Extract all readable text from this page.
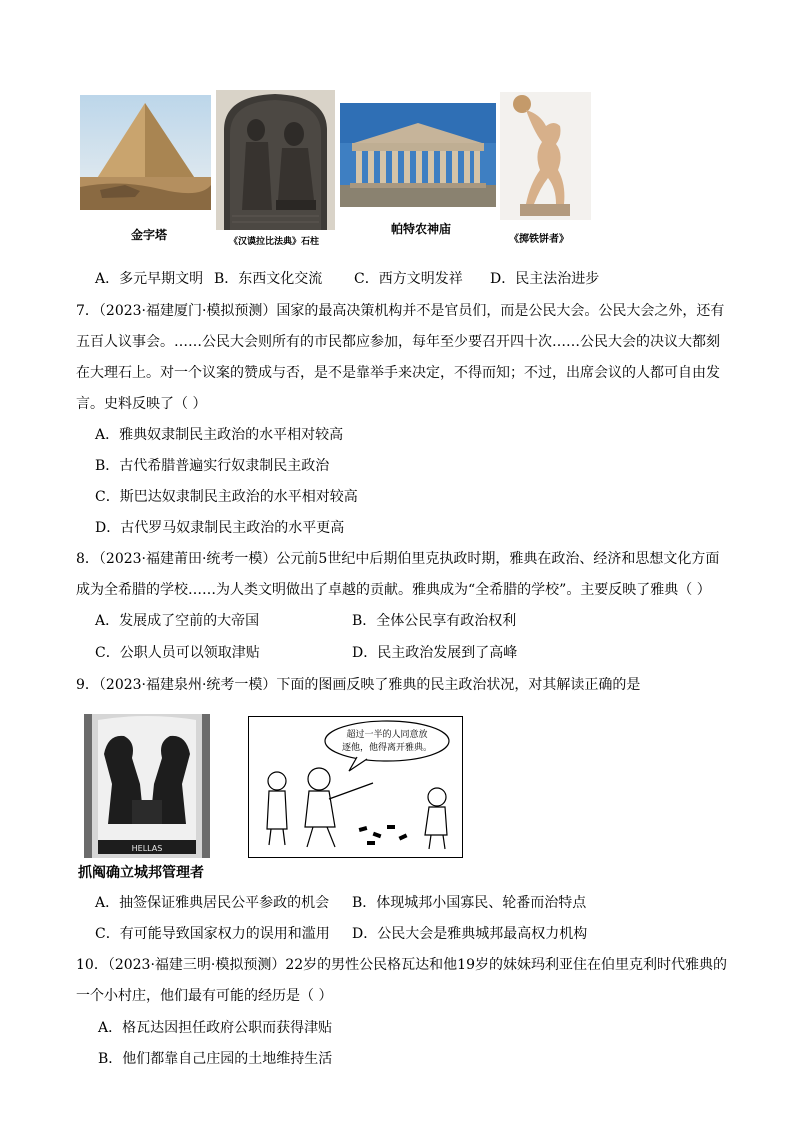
金字塔	《汉谟拉比法典》石柱
帕特农神庙
《掷铁饼者》
A．多元早期文明 B．东西文化交流 C．西方文明发祥 D．民主法治进步
7．（2023·福建厦门·模拟预测）国家的最高决策机构并不是官员们，而是公民大会。公民大会之外，还有
五百人议事会。……公民大会则所有的市民都应参加，每年至少要召开四十次……公民大会的决议大都刻
在大理石上。对一个议案的赞成与否，是不是靠举手来决定，不得而知；不过，出席会议的人都可自由发
言。史料反映了（ ）
A．雅典奴隶制民主政治的水平相对较高
B．古代希腊普遍实行奴隶制民主政治
C．斯巴达奴隶制民主政治的水平相对较高
D．古代罗马奴隶制民主政治的水平更高
8．（2023·福建莆田·统考一模）公元前5世纪中后期伯里克执政时期，雅典在政治、经济和思想文化方面
成为全希腊的学校……为人类文明做出了卓越的贡献。雅典成为“全希腊的学校”。主要反映了雅典（ ）
A．发展成了空前的大帝国	B．全体公民享有政治权利
C．公职人员可以领取津贴	D．民主政治发展到了高峰
9．（2023·福建泉州·统考一模）下面的图画反映了雅典的民主政治状况，对其解读正确的是
HELLAS
抓阄确立城邦管理者
超过一半的人同意放
逐他，他得离开雅典。
A．抽签保证雅典居民公平参政的机会 B．体现城邦小国寡民、轮番而治特点
C．有可能导致国家权力的误用和滥用 D．公民大会是雅典城邦最高权力机构
10．（2023·福建三明·模拟预测）22岁的男性公民格瓦达和他19岁的妹妹玛利亚住在伯里克利时代雅典的
一个小村庄，他们最有可能的经历是（ ）
A．格瓦达因担任政府公职而获得津贴
B．他们都靠自己庄园的土地维持生活
